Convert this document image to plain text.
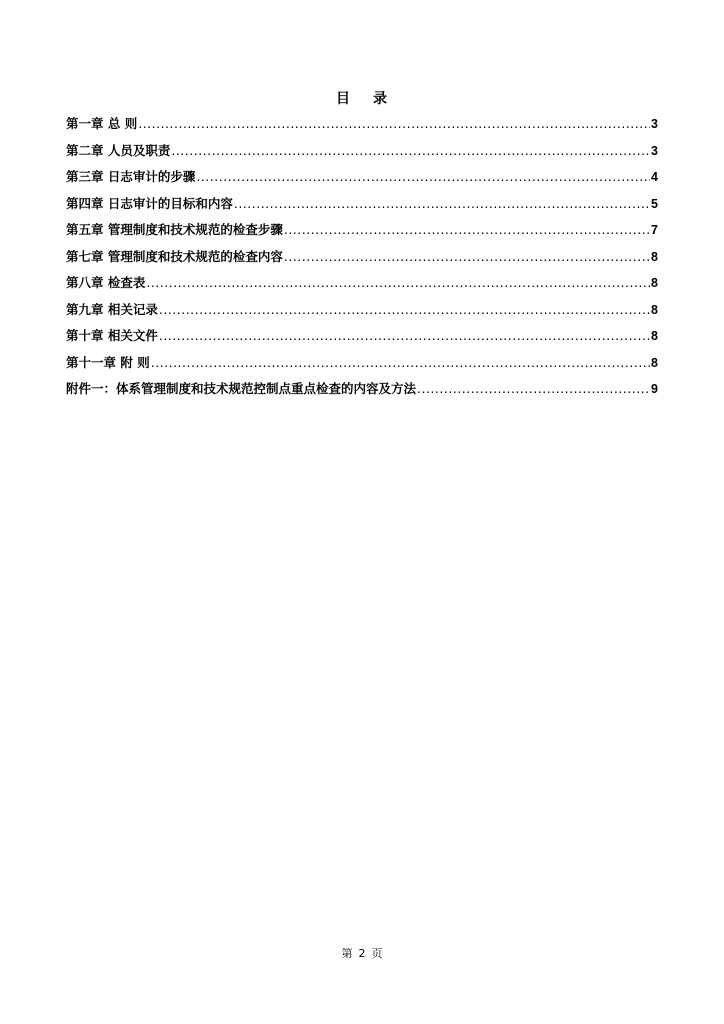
目 录
第一章 总 则 .....	3
第二章 人员及职责 .....	3
第三章 日志审计的步骤 .....	4
第四章 日志审计的目标和内容 .....	5
第五章 管理制度和技术规范的检查步骤 .....	7
第七章 管理制度和技术规范的检查内容 .....	8
第八章 检查表 .....	8
第九章 相关记录 .....	8
第十章 相关文件 .....	8
第十一章 附 则 .....	8
附件一：体系管理制度和技术规范控制点重点检查的内容及方法 .....	9
第 2 页
